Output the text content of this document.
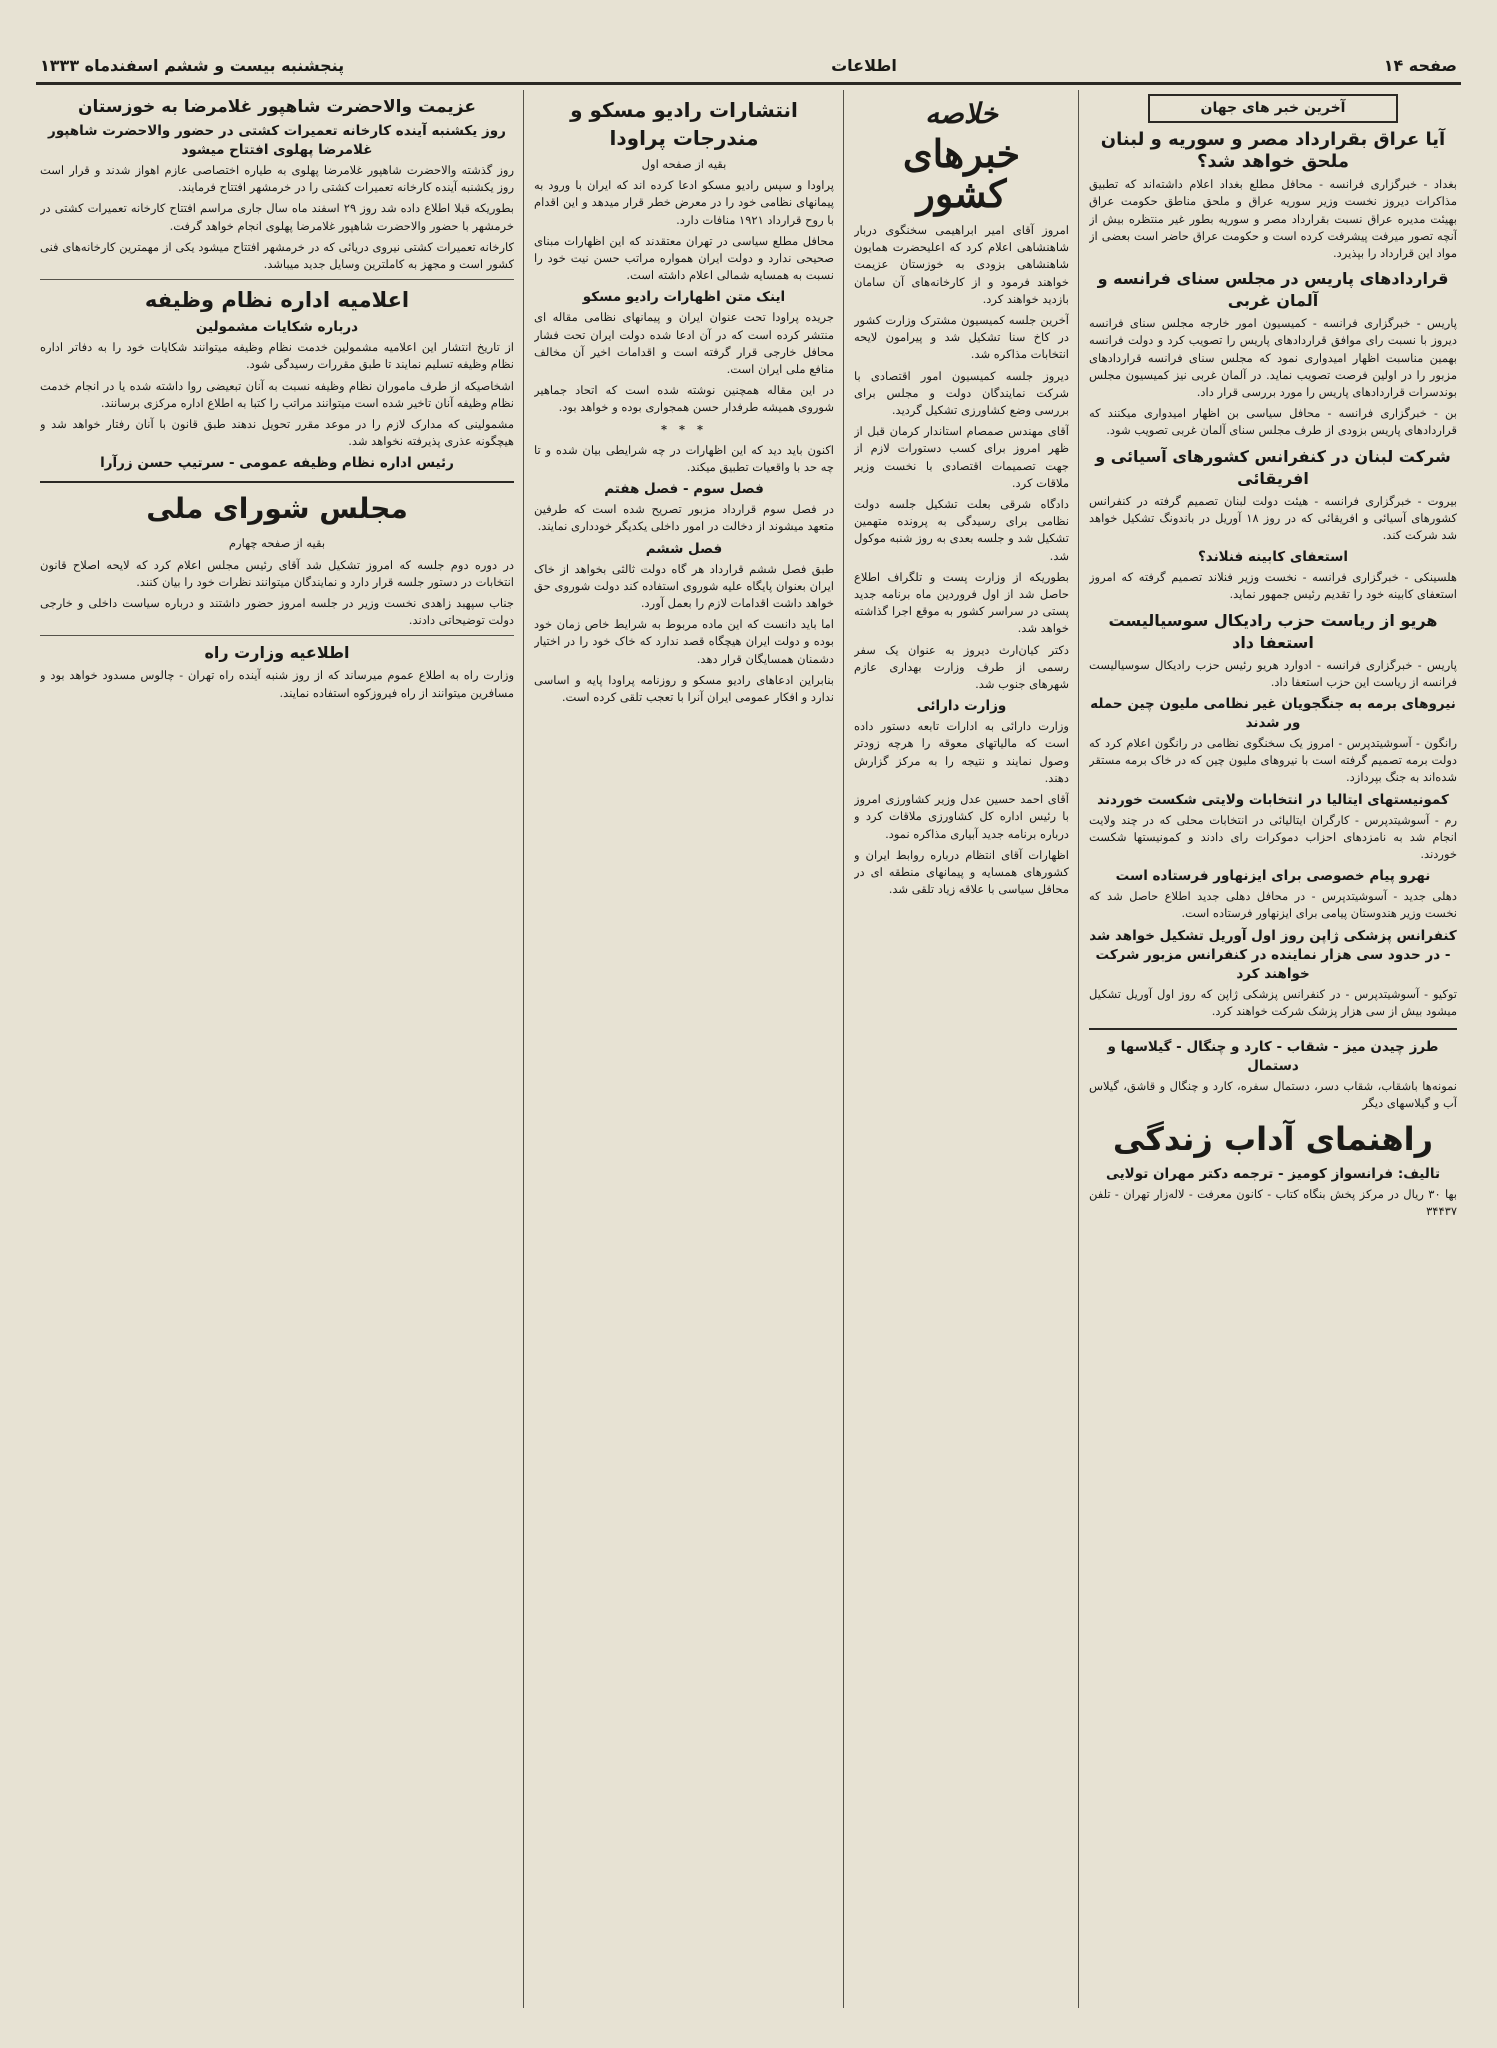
صفحه ۱۴
اطلاعات
پنجشنبه بیست و ششم اسفندماه ۱۳۳۳
آخرین خبر های جهان
آیا عراق بقرارداد مصر و سوریه و لبنان ملحق خواهد شد؟

بغداد - خبرگزاری فرانسه - محافل مطلع بغداد اعلام داشته‌اند که تطبیق مذاکرات دیروز نخست وزیر سوریه عراق و ملحق مناطق حکومت عراق بهیئت مدیره عراق نسبت بقرارداد مصر و سوریه بطور غیر منتظره بیش از آنچه تصور میرفت پیشرفت کرده است و حکومت عراق حاضر است بعضی از مواد این قرارداد را بپذیرد.

قراردادهای پاریس در مجلس سنای فرانسه و آلمان غربی

پاریس - خبرگزاری فرانسه - کمیسیون امور خارجه مجلس سنای فرانسه دیروز با نسبت رای موافق قراردادهای پاریس را تصویب کرد و دولت فرانسه بهمین مناسبت اظهار امیدواری نمود که مجلس سنای فرانسه قراردادهای مزبور را در اولین فرصت تصویب نماید. در آلمان غربی نیز کمیسیون مجلس بوندسرات قراردادهای پاریس را مورد بررسی قرار داد.

بن - خبرگزاری فرانسه - محافل سیاسی بن اظهار امیدواری میکنند که قراردادهای پاریس بزودی از طرف مجلس سنای آلمان غربی تصویب شود.

شرکت لبنان در کنفرانس کشورهای آسیائی و افریقائی

بیروت - خبرگزاری فرانسه - هیئت دولت لبنان تصمیم گرفته در کنفرانس کشورهای آسیائی و افریقائی که در روز ۱۸ آوریل در باندونگ تشکیل خواهد شد شرکت کند.

استعفای کابینه فنلاند؟

هلسینکی - خبرگزاری فرانسه - نخست وزیر فنلاند تصمیم گرفته که امروز استعفای کابینه خود را تقدیم رئیس جمهور نماید.

هریو از ریاست حزب رادیکال سوسیالیست استعفا داد

پاریس - خبرگزاری فرانسه - ادوارد هریو رئیس حزب رادیکال سوسیالیست فرانسه از ریاست این حزب استعفا داد.

نیروهای برمه به جنگجویان غیر نظامی ملیون چین حمله ور شدند

رانگون - آسوشیتدپرس - امروز یک سخنگوی نظامی در رانگون اعلام کرد که دولت برمه تصمیم گرفته است با نیروهای ملیون چین که در خاک برمه مستقر شده‌اند به جنگ بپردازد.

کمونیستهای ایتالیا در انتخابات ولایتی شکست خوردند

رم - آسوشیتدپرس - کارگران ایتالیائی در انتخابات محلی که در چند ولایت انجام شد به نامزدهای احزاب دموکرات رای دادند و کمونیستها شکست خوردند.

نهرو پیام خصوصی برای ایزنهاور فرستاده است

دهلی جدید - آسوشیتدپرس - در محافل دهلی جدید اطلاع حاصل شد که نخست وزیر هندوستان پیامی برای ایزنهاور فرستاده است.

کنفرانس پزشکی ژاپن روز اول آوریل تشکیل خواهد شد - در حدود سی هزار نماینده در کنفرانس مزبور شرکت خواهند کرد

توکیو - آسوشیتدپرس - در کنفرانس پزشکی ژاپن که روز اول آوریل تشکیل میشود بیش از سی هزار پزشک شرکت خواهند کرد.

طرز چیدن میز - شقاب - کارد و چنگال - گیلاسها و دستمال

نمونه‌ها باشقاب، شقاب دسر، دستمال سفره، کارد و چنگال و قاشق، گیلاس آب و گیلاسهای دیگر

راهنمای آداب زندگی
تالیف: فرانسواز کومیز - ترجمه دکتر مهران تولایی

بها ۳۰ ریال در مرکز پخش بنگاه کتاب - کانون معرفت - لاله‌زار تهران - تلفن ۳۴۴۳۷

خلاصه
خبرهای کشور

امروز آقای امیر ابراهیمی سخنگوی دربار شاهنشاهی اعلام کرد که اعلیحضرت همایون شاهنشاهی بزودی به خوزستان عزیمت خواهند فرمود و از کارخانه‌های آن سامان بازدید خواهند کرد.

آخرین جلسه کمیسیون مشترک وزارت کشور در کاخ سنا تشکیل شد و پیرامون لایحه انتخابات مذاکره شد.

دیروز جلسه کمیسیون امور اقتصادی با شرکت نمایندگان دولت و مجلس برای بررسی وضع کشاورزی تشکیل گردید.

آقای مهندس صمصام استاندار کرمان قبل از ظهر امروز برای کسب دستورات لازم از جهت تصمیمات اقتصادی با نخست وزیر ملاقات کرد.

دادگاه شرقی بعلت تشکیل جلسه دولت نظامی برای رسیدگی به پرونده متهمین تشکیل شد و جلسه بعدی به روز شنبه موکول شد.

بطوریکه از وزارت پست و تلگراف اطلاع حاصل شد از اول فروردین ماه برنامه جدید پستی در سراسر کشور به موقع اجرا گذاشته خواهد شد.

دکتر کیان‌ارث دیروز به عنوان یک سفر رسمی از طرف وزارت بهداری عازم شهرهای جنوب شد.

وزارت دارائی

وزارت دارائی به ادارات تابعه دستور داده است که مالیاتهای معوقه را هرچه زودتر وصول نمایند و نتیجه را به مرکز گزارش دهند.

آقای احمد حسین عدل وزیر کشاورزی امروز با رئیس اداره کل کشاورزی ملاقات کرد و درباره برنامه جدید آبیاری مذاکره نمود.

اظهارات آقای انتظام درباره روابط ایران و کشورهای همسایه و پیمانهای منطقه ای در محافل سیاسی با علاقه زیاد تلقی شد.

انتشارات رادیو مسکو و مندرجات پراودا
بقیه از صفحه اول

پراودا و سپس رادیو مسکو ادعا کرده اند که ایران با ورود به پیمانهای نظامی خود را در معرض خطر قرار میدهد و این اقدام با روح قرارداد ۱۹۲۱ منافات دارد.

محافل مطلع سیاسی در تهران معتقدند که این اظهارات مبنای صحیحی ندارد و دولت ایران همواره مراتب حسن نیت خود را نسبت به همسایه شمالی اعلام داشته است.

اینک متن اظهارات رادیو مسکو

جریده پراودا تحت عنوان ایران و پیمانهای نظامی مقاله ای منتشر کرده است که در آن ادعا شده دولت ایران تحت فشار محافل خارجی قرار گرفته است و اقدامات اخیر آن مخالف منافع ملی ایران است.

در این مقاله همچنین نوشته شده است که اتحاد جماهیر شوروی همیشه طرفدار حسن همجواری بوده و خواهد بود.

* * *

اکنون باید دید که این اظهارات در چه شرایطی بیان شده و تا چه حد با واقعیات تطبیق میکند.

فصل سوم - فصل هفتم

در فصل سوم قرارداد مزبور تصریح شده است که طرفین متعهد میشوند از دخالت در امور داخلی یکدیگر خودداری نمایند.

فصل ششم

طبق فصل ششم قرارداد هر گاه دولت ثالثی بخواهد از خاک ایران بعنوان پایگاه علیه شوروی استفاده کند دولت شوروی حق خواهد داشت اقدامات لازم را بعمل آورد.

اما باید دانست که این ماده مربوط به شرایط خاص زمان خود بوده و دولت ایران هیچگاه قصد ندارد که خاک خود را در اختیار دشمنان همسایگان قرار دهد.

بنابراین ادعاهای رادیو مسکو و روزنامه پراودا پایه و اساسی ندارد و افکار عمومی ایران آنرا با تعجب تلقی کرده است.

عزیمت والاحضرت شاهپور غلامرضا به خوزستان
روز یکشنبه آینده کارخانه تعمیرات کشتی در حضور والاحضرت شاهپور غلامرضا پهلوی افتتاح میشود

روز گذشته والاحضرت شاهپور غلامرضا پهلوی به طیاره اختصاصی عازم اهواز شدند و قرار است روز یکشنبه آینده کارخانه تعمیرات کشتی را در خرمشهر افتتاح فرمایند.

بطوریکه قبلا اطلاع داده شد روز ۲۹ اسفند ماه سال جاری مراسم افتتاح کارخانه تعمیرات کشتی در خرمشهر با حضور والاحضرت شاهپور غلامرضا پهلوی انجام خواهد گرفت.

کارخانه تعمیرات کشتی نیروی دریائی که در خرمشهر افتتاح میشود یکی از مهمترین کارخانه‌های فنی کشور است و مجهز به کاملترین وسایل جدید میباشد.

اعلامیه اداره نظام وظیفه
درباره شکایات مشمولین

از تاریخ انتشار این اعلامیه مشمولین خدمت نظام وظیفه میتوانند شکایات خود را به دفاتر اداره نظام وظیفه تسلیم نمایند تا طبق مقررات رسیدگی شود.

اشخاصیکه از طرف ماموران نظام وظیفه نسبت به آنان تبعیضی روا داشته شده یا در انجام خدمت نظام وظیفه آنان تاخیر شده است میتوانند مراتب را کتبا به اطلاع اداره مرکزی برسانند.

مشمولینی که مدارک لازم را در موعد مقرر تحویل ندهند طبق قانون با آنان رفتار خواهد شد و هیچگونه عذری پذیرفته نخواهد شد.

رئیس اداره نظام وظیفه عمومی - سرتیپ حسن زرآرا
مجلس شورای ملی
بقیه از صفحه چهارم

در دوره دوم جلسه که امروز تشکیل شد آقای رئیس مجلس اعلام کرد که لایحه اصلاح قانون انتخابات در دستور جلسه قرار دارد و نمایندگان میتوانند نظرات خود را بیان کنند.

جناب سپهبد زاهدی نخست وزیر در جلسه امروز حضور داشتند و درباره سیاست داخلی و خارجی دولت توضیحاتی دادند.

اطلاعیه وزارت راه

وزارت راه به اطلاع عموم میرساند که از روز شنبه آینده راه تهران - چالوس مسدود خواهد بود و مسافرین میتوانند از راه فیروزکوه استفاده نمایند.
